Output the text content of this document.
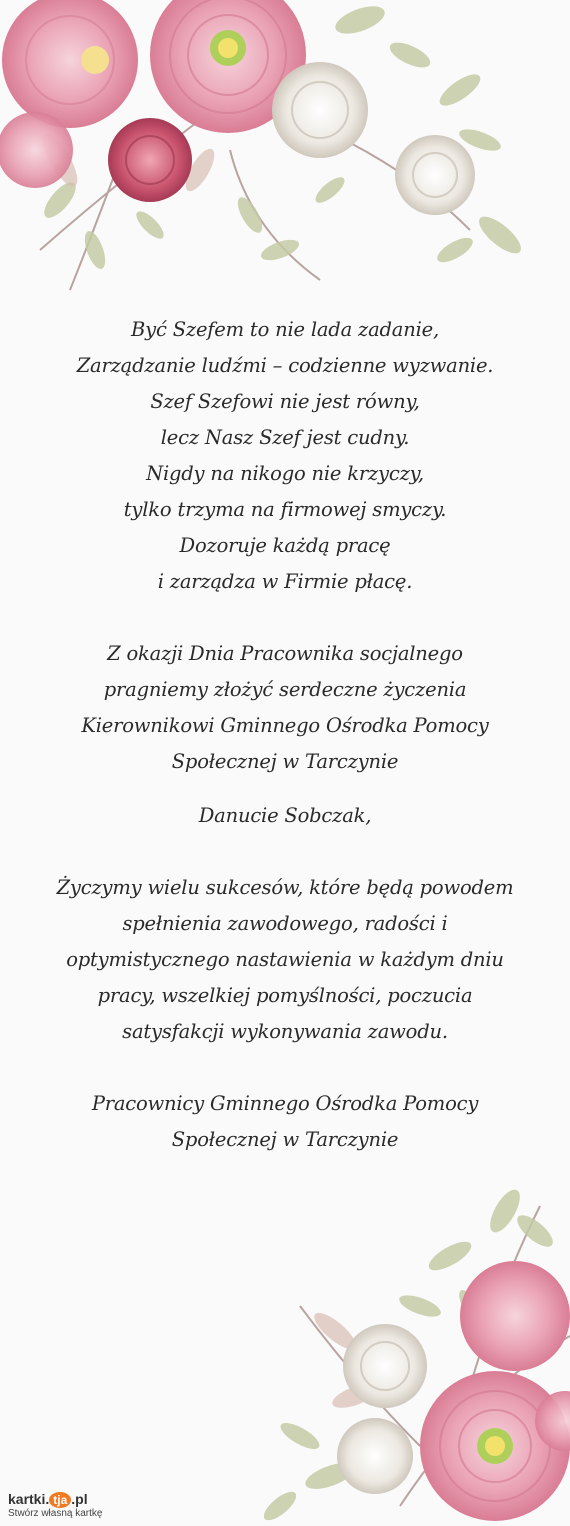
Być Szefem to nie lada zadanie,
Zarządzanie ludźmi – codzienne wyzwanie.
Szef Szefowi nie jest równy,
lecz Nasz Szef jest cudny.
Nigdy na nikogo nie krzyczy,
tylko trzyma na firmowej smyczy.
Dozoruje każdą pracę
i zarządza w Firmie płacę.
Z okazji Dnia Pracownika socjalnego
pragniemy złożyć serdeczne życzenia
Kierownikowi Gminnego Ośrodka Pomocy
Społecznej w Tarczynie
Danucie Sobczak,
Życzymy wielu sukcesów, które będą powodem
spełnienia zawodowego, radości i
optymistycznego nastawienia w każdym dniu
pracy, wszelkiej pomyślności, poczucia
satysfakcji wykonywania zawodu.
Pracownicy Gminnego Ośrodka Pomocy
Społecznej w Tarczynie
kartki. tja .pl
Stwórz własną kartkę
